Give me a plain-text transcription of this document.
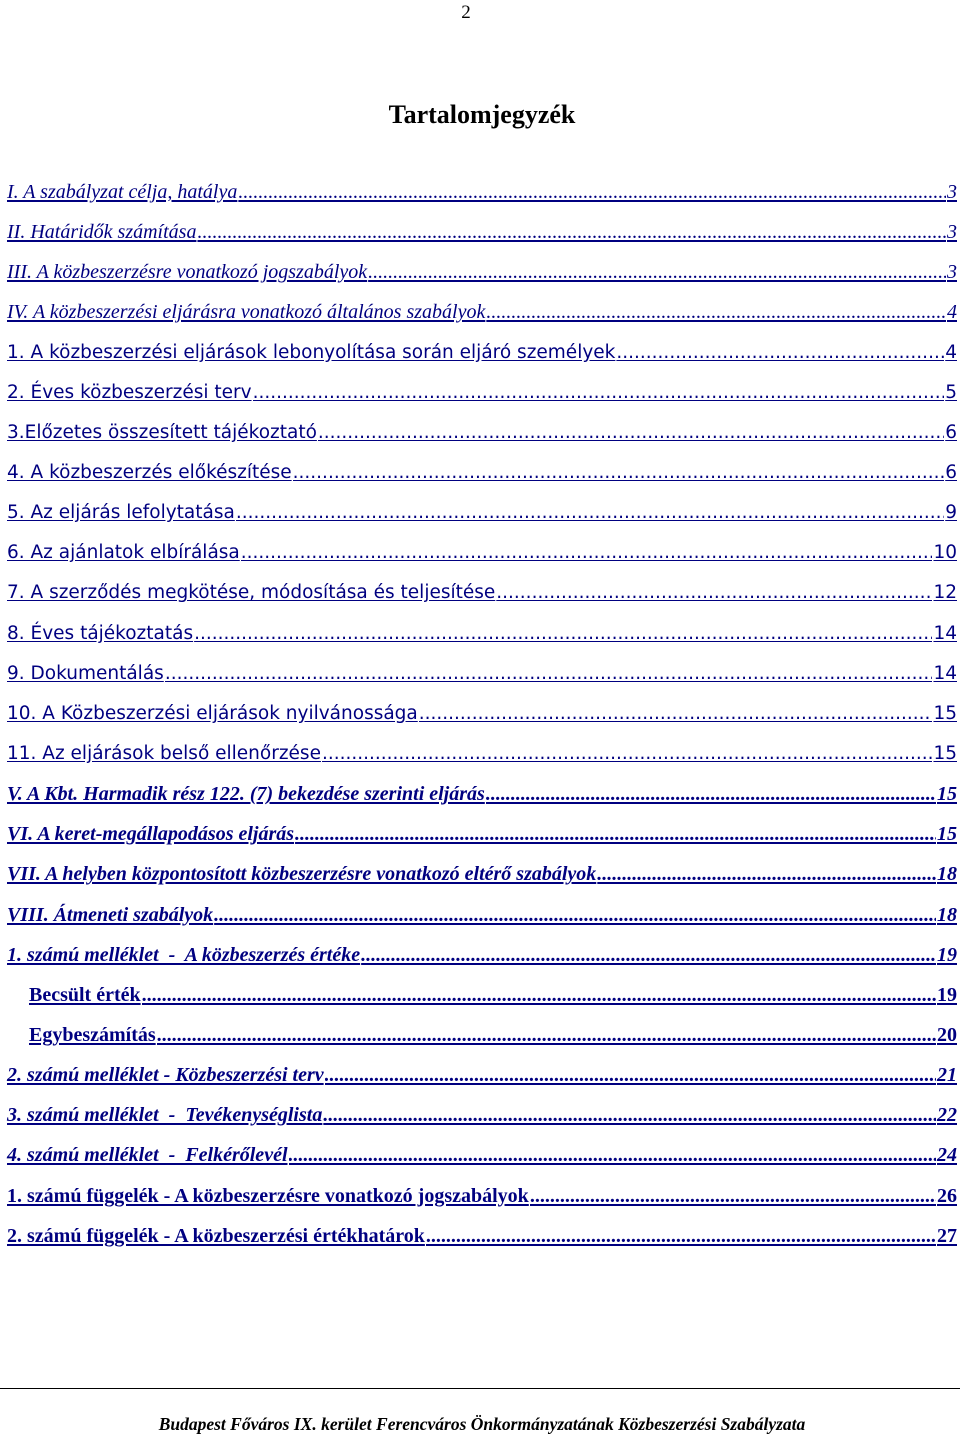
2
Tartalomjegyzék
I. A szabályzat célja, hatálya .....	3
II. Határidők számítása .....	3
III. A közbeszerzésre vonatkozó jogszabályok .....	3
IV. A közbeszerzési eljárásra vonatkozó általános szabályok .....	4
1. A közbeszerzési eljárások lebonyolítása során eljáró személyek .....	4
2. Éves közbeszerzési terv .....	5
3.Előzetes összesített tájékoztató .....	6
4. A közbeszerzés előkészítése .....	6
5. Az eljárás lefolytatása .....	9
6. Az ajánlatok elbírálása .....	10
7. A szerződés megkötése, módosítása és teljesítése .....	12
8. Éves tájékoztatás .....	14
9. Dokumentálás .....	14
10. A Közbeszerzési eljárások nyilvánossága .....	15
11. Az eljárások belső ellenőrzése .....	15
V. A Kbt. Harmadik rész 122. (7) bekezdése szerinti eljárás .....	15
VI. A keret-megállapodásos eljárás .....	15
VII. A helyben központosított közbeszerzésre vonatkozó eltérő szabályok .....	18
VIII. Átmeneti szabályok .....	18
1. számú melléklet  -  A közbeszerzés értéke .....	19
Becsült érték .....	19
Egybeszámítás .....	20
2. számú melléklet - Közbeszerzési terv .....	21
3. számú melléklet  -  Tevékenységlista .....	22
4. számú melléklet  -  Felkérőlevél .....	24
1. számú függelék - A közbeszerzésre vonatkozó jogszabályok .....	26
2. számú függelék - A közbeszerzési értékhatárok .....	27
Budapest Főváros IX. kerület Ferencváros Önkormányzatának Közbeszerzési Szabályzata
